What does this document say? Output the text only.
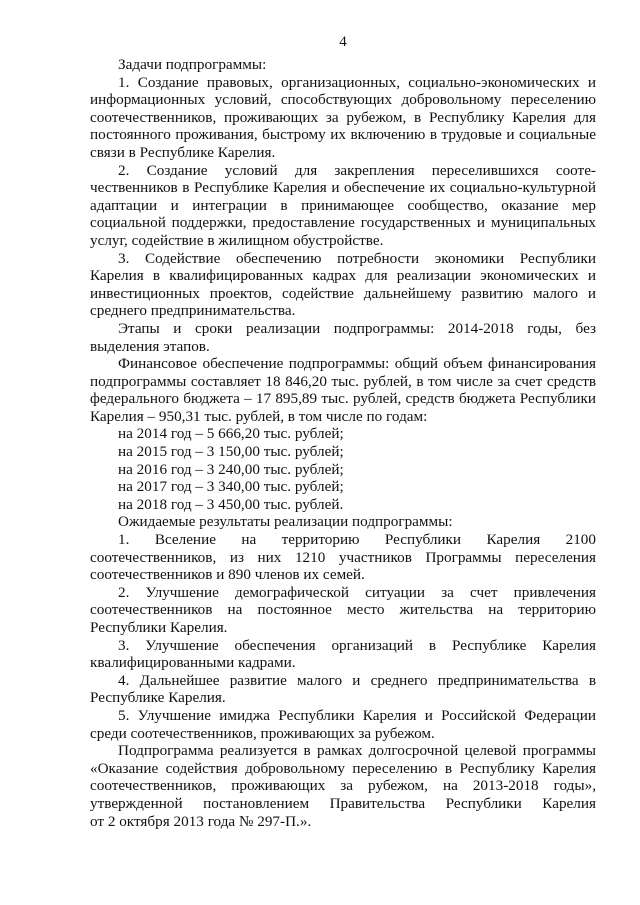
4

Задачи подпрограммы:

1. Создание правовых, организационных, социально-экономических и
информационных условий, способствующих добровольному переселению
соотечественников, проживающих за рубежом, в Республику Карелия для
постоянного проживания, быстрому их включению в трудовые и социальные
связи в Республике Карелия.
2. Создание условий для закрепления переселившихся сооте-
чественников в Республике Карелия и обеспечение их социально-культурной
адаптации и интеграции в принимающее сообщество, оказание мер
социальной поддержки, предоставление государственных и муниципальных
услуг, содействие в жилищном обустройстве.
3. Содействие обеспечению потребности экономики Республики
Карелия в квалифицированных кадрах для реализации экономических и
инвестиционных проектов, содействие дальнейшему развитию малого и
среднего предпринимательства.
Этапы и сроки реализации подпрограммы: 2014-2018 годы, без
выделения этапов.
Финансовое обеспечение подпрограммы: общий объем финансирования
подпрограммы составляет 18 846,20 тыс. рублей, в том числе за счет средств
федерального бюджета – 17 895,89 тыс. рублей, средств бюджета Республики
Карелия – 950,31 тыс. рублей, в том числе по годам:
на 2014 год – 5 666,20 тыс. рублей;
на 2015 год – 3 150,00 тыс. рублей;
на 2016 год – 3 240,00 тыс. рублей;
на 2017 год – 3 340,00 тыс. рублей;
на 2018 год – 3 450,00 тыс. рублей.

Ожидаемые результаты реализации подпрограммы:

1. Вселение на территорию Республики Карелия 2100
соотечественников, из них 1210 участников Программы переселения
соотечественников и 890 членов их семей.
2. Улучшение демографической ситуации за счет привлечения
соотечественников на постоянное место жительства на территорию
Республики Карелия.
3. Улучшение обеспечения организаций в Республике Карелия
квалифицированными кадрами.
4. Дальнейшее развитие малого и среднего предпринимательства в
Республике Карелия.
5. Улучшение имиджа Республики Карелия и Российской Федерации
среди соотечественников, проживающих за рубежом.
Подпрограмма реализуется в рамках долгосрочной целевой программы
«Оказание содействия добровольному переселению в Республику Карелия
соотечественников, проживающих за рубежом, на 2013-2018 годы»,
утвержденной постановлением Правительства Республики Карелия
от 2 октября 2013 года № 297-П.».
